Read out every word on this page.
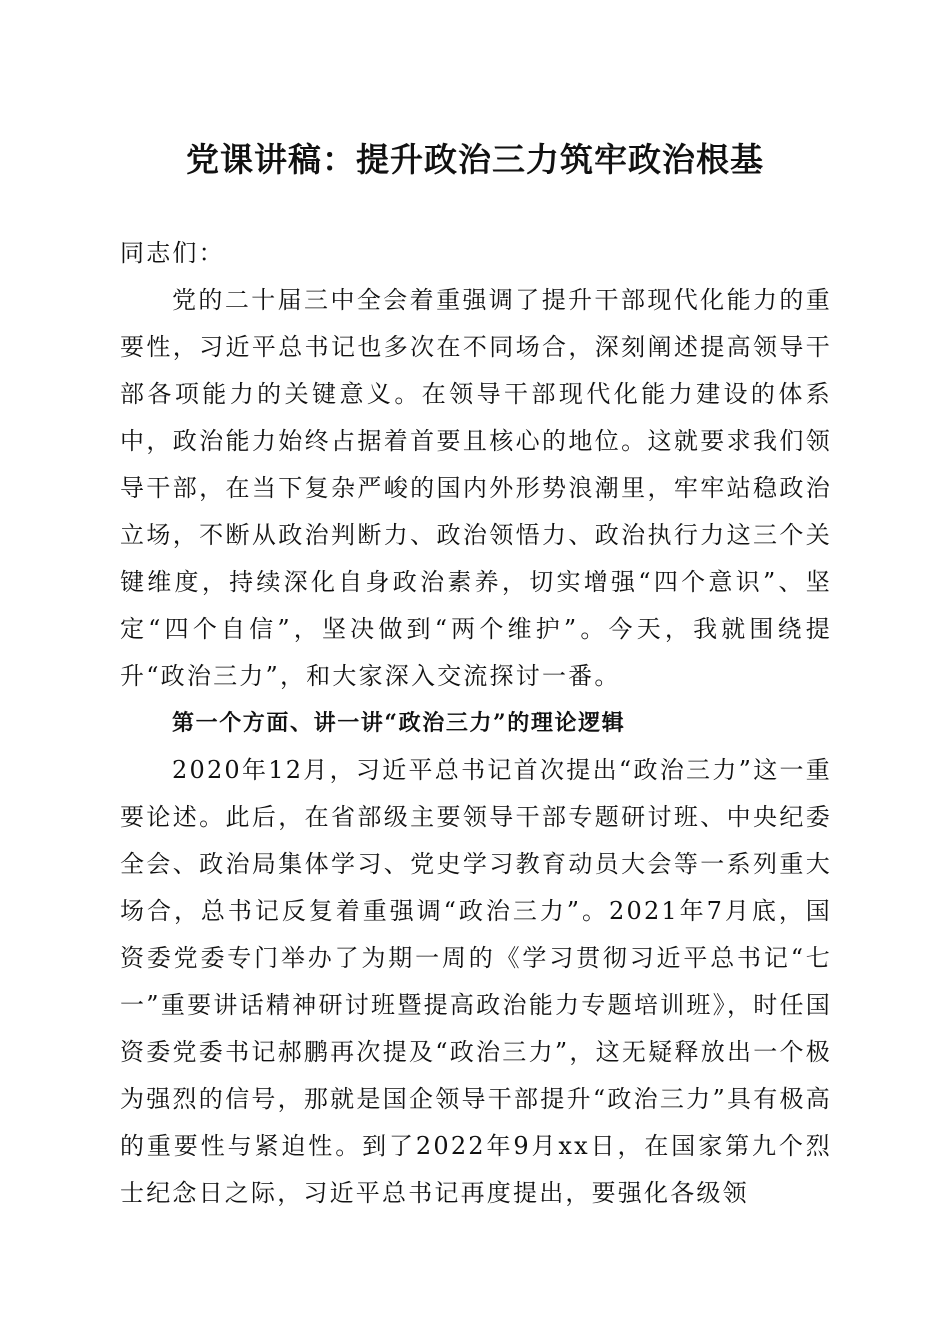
党课讲稿：提升政治三力筑牢政治根基

同志们：

党的二十届三中全会着重强调了提升干部现代化能力的重要性，习近平总书记也多次在不同场合，深刻阐述提高领导干部各项能力的关键意义。在领导干部现代化能力建设的体系中，政治能力始终占据着首要且核心的地位。这就要求我们领导干部，在当下复杂严峻的国内外形势浪潮里，牢牢站稳政治立场，不断从政治判断力、政治领悟力、政治执行力这三个关键维度，持续深化自身政治素养，切实增强“四个意识”、坚定“四个自信”，坚决做到“两个维护”。今天，我就围绕提升“政治三力”，和大家深入交流探讨一番。

第一个方面、讲一讲“政治三力”的理论逻辑

2020年12月，习近平总书记首次提出“政治三力”这一重要论述。此后，在省部级主要领导干部专题研讨班、中央纪委全会、政治局集体学习、党史学习教育动员大会等一系列重大场合，总书记反复着重强调“政治三力”。2021年7月底，国资委党委专门举办了为期一周的《学习贯彻习近平总书记“七一”重要讲话精神研讨班暨提高政治能力专题培训班》，时任国资委党委书记郝鹏再次提及“政治三力”，这无疑释放出一个极为强烈的信号，那就是国企领导干部提升“政治三力”具有极高的重要性与紧迫性。到了2022年9月xx日，在国家第九个烈士纪念日之际，习近平总书记再度提出，要强化各级领
